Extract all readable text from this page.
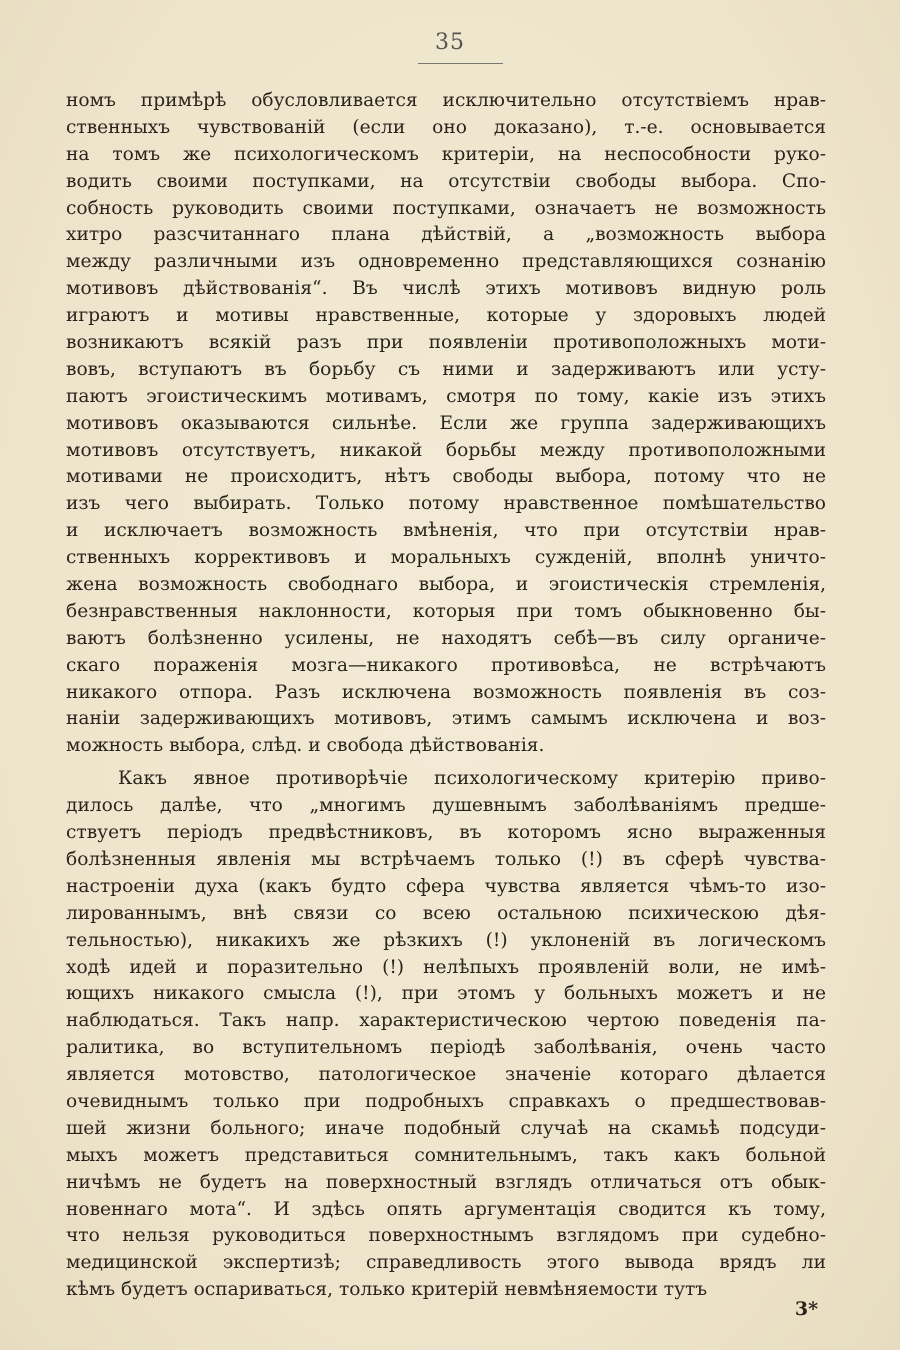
35
номъ примѣрѣ обусловливается исключительно отсутствіемъ нрав-
ственныхъ чувствованій (если оно доказано), т.-е. основывается
на томъ же психологическомъ критеріи, на неспособности руко-
водить своими поступками, на отсутствіи свободы выбора. Спо-
собность руководить своими поступками, означаетъ не возможность
хитро разсчитаннаго плана дѣйствій, а „возможность выбора
между различными изъ одновременно представляющихся сознанію
мотивовъ дѣйствованія“. Въ числѣ этихъ мотивовъ видную роль
играютъ и мотивы нравственные, которые у здоровыхъ людей
возникаютъ всякій разъ при появленіи противоположныхъ моти-
вовъ, вступаютъ въ борьбу съ ними и задерживаютъ или усту-
паютъ эгоистическимъ мотивамъ, смотря по тому, какіе изъ этихъ
мотивовъ оказываются сильнѣе. Если же группа задерживающихъ
мотивовъ отсутствуетъ, никакой борьбы между противоположными
мотивами не происходитъ, нѣтъ свободы выбора, потому что не
изъ чего выбирать. Только потому нравственное помѣшательство
и исключаетъ возможность вмѣненія, что при отсутствіи нрав-
ственныхъ коррективовъ и моральныхъ сужденій, вполнѣ уничто-
жена возможность свободнаго выбора, и эгоистическія стремленія,
безнравственныя наклонности, которыя при томъ обыкновенно бы-
ваютъ болѣзненно усилены, не находятъ себѣ—въ силу органиче-
скаго пораженія мозга—никакого противовѣса, не встрѣчаютъ
никакого отпора. Разъ исключена возможность появленія въ соз-
наніи задерживающихъ мотивовъ, этимъ самымъ исключена и воз-
можность выбора, слѣд. и свобода дѣйствованія.
Какъ явное противорѣчіе психологическому критерію приво-
дилось далѣе, что „многимъ душевнымъ заболѣваніямъ предше-
ствуетъ періодъ предвѣстниковъ, въ которомъ ясно выраженныя
болѣзненныя явленія мы встрѣчаемъ только (!) въ сферѣ чувства-
настроеніи духа (какъ будто сфера чувства является чѣмъ-то изо-
лированнымъ, внѣ связи со всею остальною психическою дѣя-
тельностью), никакихъ же рѣзкихъ (!) уклоненій въ логическомъ
ходѣ идей и поразительно (!) нелѣпыхъ проявленій воли, не имѣ-
ющихъ никакого смысла (!), при этомъ у больныхъ можетъ и не
наблюдаться. Такъ напр. характеристическою чертою поведенія па-
ралитика, во вступительномъ періодѣ заболѣванія, очень часто
является мотовство, патологическое значеніе котораго дѣлается
очевиднымъ только при подробныхъ справкахъ о предшествовав-
шей жизни больного; иначе подобный случаѣ на скамьѣ подсуди-
мыхъ можетъ представиться сомнительнымъ, такъ какъ больной
ничѣмъ не будетъ на поверхностный взглядъ отличаться отъ обык-
новеннаго мота“. И здѣсь опять аргументація сводится къ тому,
что нельзя руководиться поверхностнымъ взглядомъ при судебно-
медицинской экспертизѣ; справедливость этого вывода врядъ ли
кѣмъ будетъ оспариваться, только критерій невмѣняемости тутъ
3*
